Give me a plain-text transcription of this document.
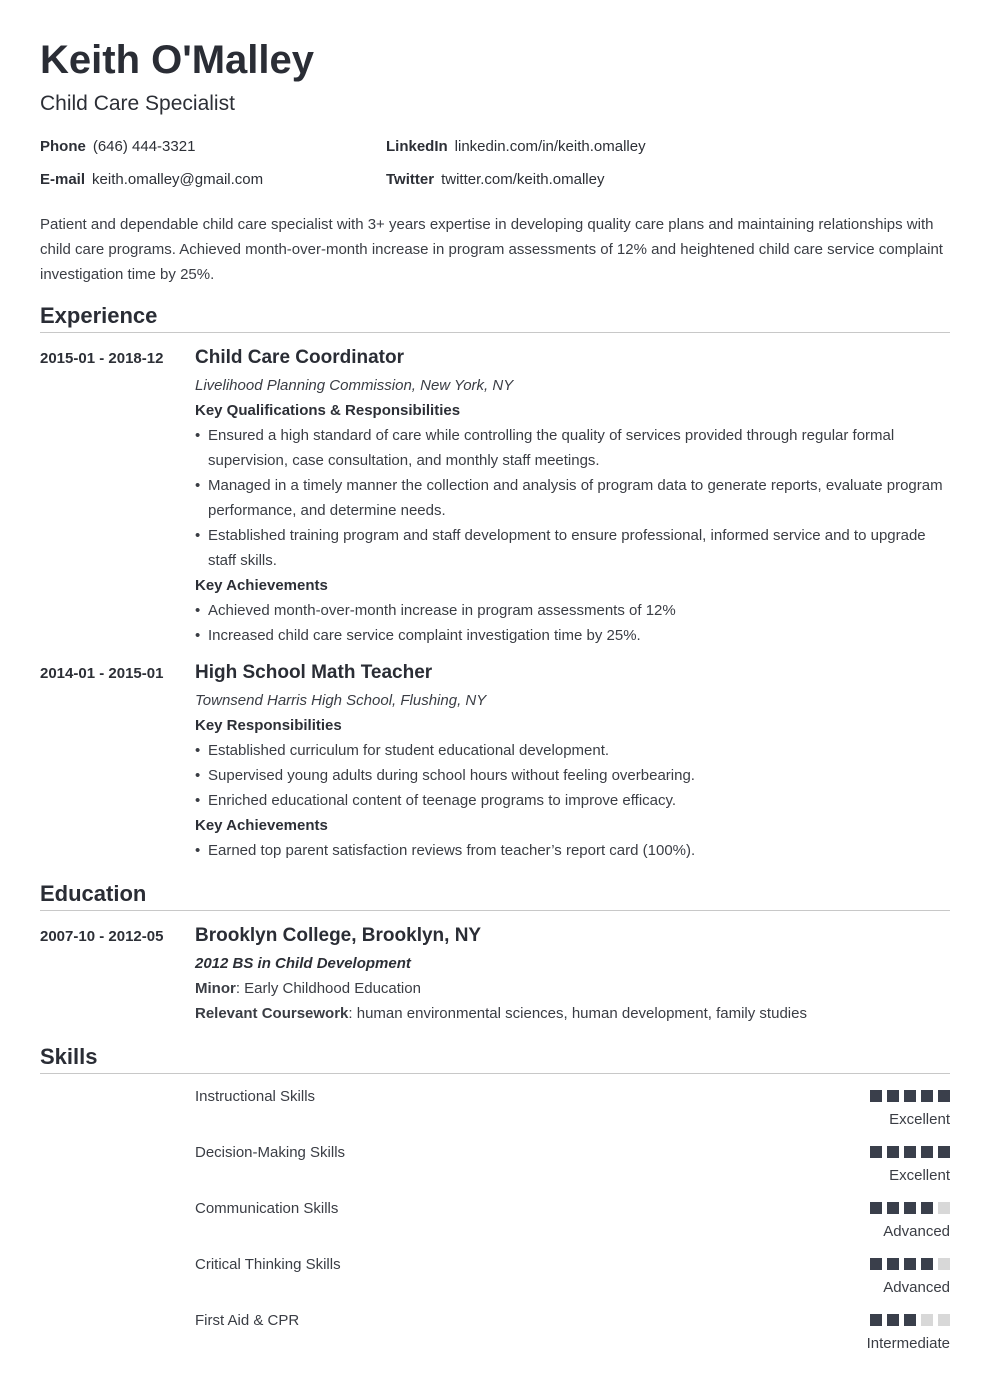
Keith O'Malley
Child Care Specialist
Phone (646) 444-3321	LinkedIn linkedin.com/in/keith.omalley
E-mail keith.omalley@gmail.com	Twitter twitter.com/keith.omalley

Patient and dependable child care specialist with 3+ years expertise in developing quality care plans and maintaining relationships with child care programs. Achieved month-over-month increase in program assessments of 12% and heightened child care service complaint investigation time by 25%.

Experience
2015-01 - 2018-12 Child Care Coordinator
Livelihood Planning Commission, New York, NY
Key Qualifications & Responsibilities
• Ensured a high standard of care while controlling the quality of services provided through regular formal supervision, case consultation, and monthly staff meetings.
• Managed in a timely manner the collection and analysis of program data to generate reports, evaluate program performance, and determine needs.
• Established training program and staff development to ensure professional, informed service and to upgrade staff skills.
Key Achievements
• Achieved month-over-month increase in program assessments of 12%
• Increased child care service complaint investigation time by 25%.
2014-01 - 2015-01 High School Math Teacher
Townsend Harris High School, Flushing, NY
Key Responsibilities
• Established curriculum for student educational development.
• Supervised young adults during school hours without feeling overbearing.
• Enriched educational content of teenage programs to improve efficacy.
Key Achievements
• Earned top parent satisfaction reviews from teacher’s report card (100%).
Education
2007-10 - 2012-05 Brooklyn College, Brooklyn, NY
2012 BS in Child Development
Minor: Early Childhood Education
Relevant Coursework: human environmental sciences, human development, family studies
Skills
Instructional Skills
Excellent
Decision-Making Skills
Excellent
Communication Skills
Advanced
Critical Thinking Skills
Advanced
First Aid & CPR
Intermediate
